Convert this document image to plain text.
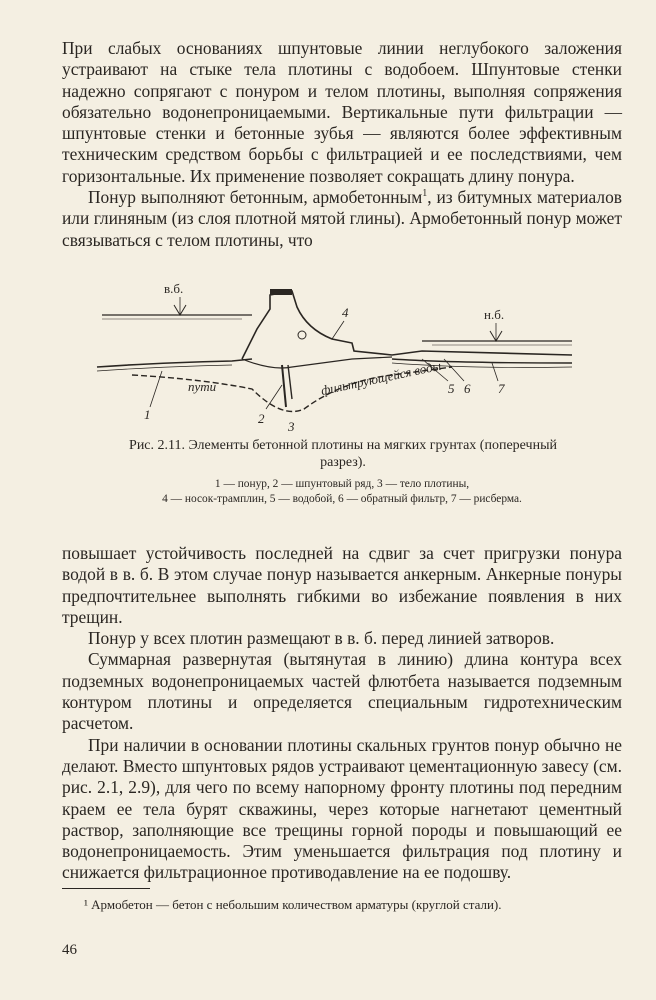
При слабых основаниях шпунтовые линии неглубокого заложения устраивают на стыке тела плотины с водобоем. Шпунтовые стенки надежно сопрягают с понуром и телом плотины, выполняя сопряжения обязательно водонепроницаемыми. Вертикальные пути фильтрации — шпунтовые стенки и бетонные зубья — являются более эффективным техническим средством борьбы с фильтрацией и ее последствиями, чем горизонтальные. Их применение позволяет сокращать длину понура.

Понур выполняют бетонным, армобетонным$^1$, из битумных материалов или глиняным (из слоя плотной мятой глины). Армобетонный понур может связываться с телом плотины, что

в.б.
н.б.
1	2
3
4
5 6 7
пути	фильтрующейся воды
Рис. 2.11. Элементы бетонной плотины на мягких грунтах (поперечный разрез).
1 — понур, 2 — шпунтовый ряд, 3 — тело плотины,
4 — носок-трамплин, 5 — водобой, 6 — обратный фильтр, 7 — рисберма.

повышает устойчивость последней на сдвиг за счет пригрузки понура водой в в. б. В этом случае понур называется анкерным. Анкерные понуры предпочтительнее выполнять гибкими во избежание появления в них трещин.

Понур у всех плотин размещают в в. б. перед линией затворов.

Суммарная развернутая (вытянутая в линию) длина контура всех подземных водонепроницаемых частей флютбета называется подземным контуром плотины и определяется специальным гидротехническим расчетом.

При наличии в основании плотины скальных грунтов понур обычно не делают. Вместо шпунтовых рядов устраивают цементационную завесу (см. рис. 2.1, 2.9), для чего по всему напорному фронту плотины под передним краем ее тела бурят скважины, через которые нагнетают цементный раствор, заполняющие все трещины горной породы и повышающий ее водонепроницаемость. Этим уменьшается фильтрация под плотину и снижается фильтрационное противодавление на ее подошву.

¹ Армобетон — бетон с небольшим количеством арматуры (круглой стали).
46
